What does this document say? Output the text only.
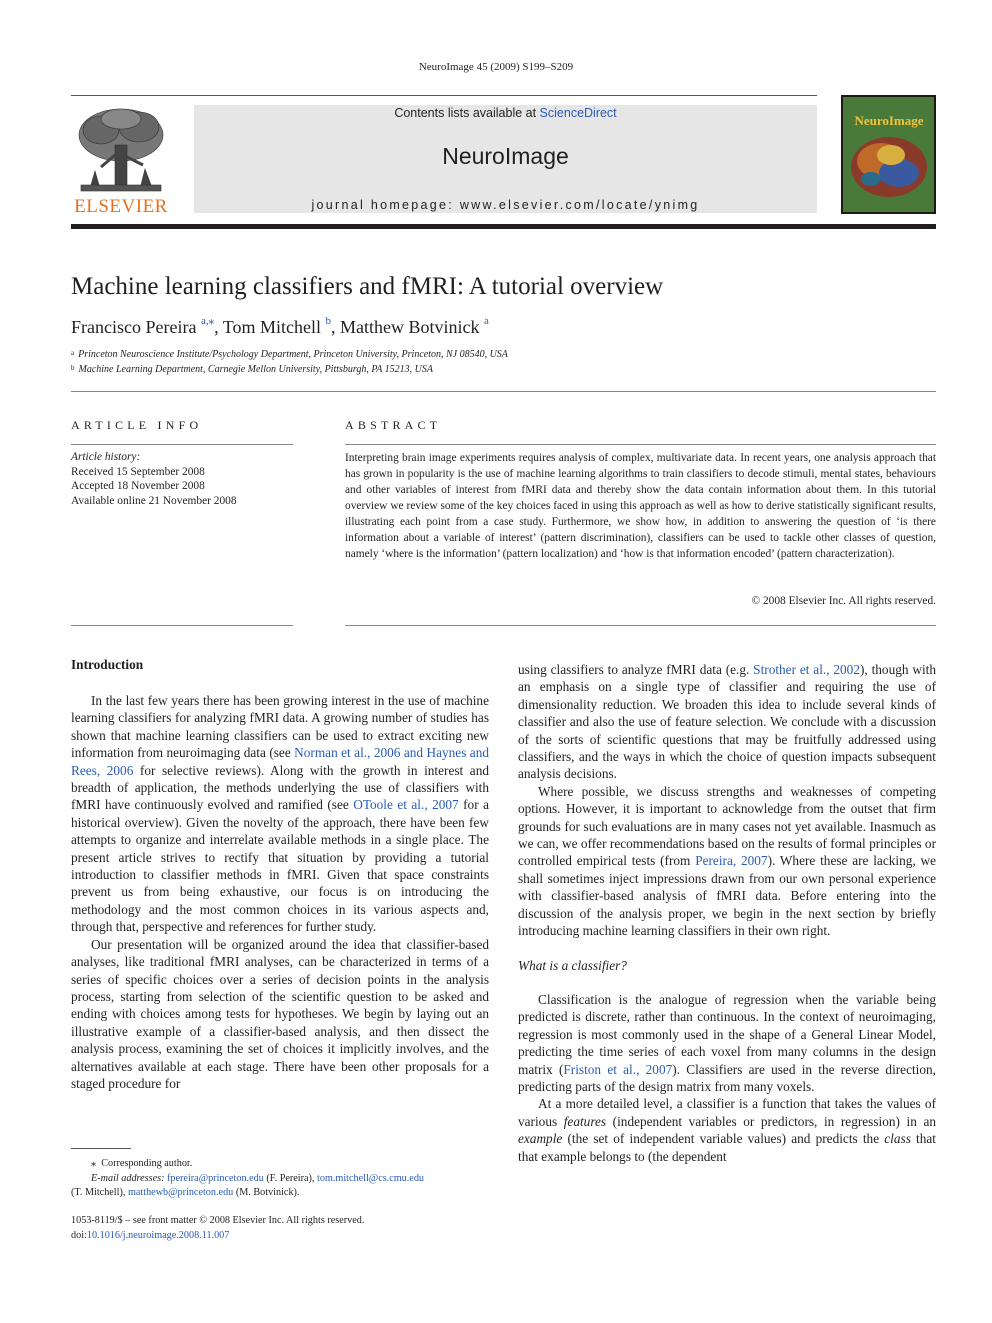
NeuroImage 45 (2009) S199–S209
ELSEVIER
Contents lists available at ScienceDirect
NeuroImage
journal homepage: www.elsevier.com/locate/ynimg
NeuroImage
Machine learning classifiers and fMRI: A tutorial overview
Francisco Pereira $^{a,⁎}$, Tom Mitchell $^b$, Matthew Botvinick $^a$
$^a$ Princeton Neuroscience Institute/Psychology Department, Princeton University, Princeton, NJ 08540, USA
$^b$ Machine Learning Department, Carnegie Mellon University, Pittsburgh, PA 15213, USA
ARTICLE INFO	ABSTRACT
Article history:
Received 15 September 2008
Accepted 18 November 2008
Available online 21 November 2008
Interpreting brain image experiments requires analysis of complex, multivariate data. In recent years, one analysis approach that has grown in popularity is the use of machine learning algorithms to train classifiers to decode stimuli, mental states, behaviours and other variables of interest from fMRI data and thereby show the data contain information about them. In this tutorial overview we review some of the key choices faced in using this approach as well as how to derive statistically significant results, illustrating each point from a case study. Furthermore, we show how, in addition to answering the question of ‘is there information about a variable of interest’ (pattern discrimination), classifiers can be used to tackle other classes of question, namely ‘where is the information’ (pattern localization) and ‘how is that information encoded’ (pattern characterization).
© 2008 Elsevier Inc. All rights reserved.
Introduction

In the last few years there has been growing interest in the use of machine learning classifiers for analyzing fMRI data. A growing number of studies has shown that machine learning classifiers can be used to extract exciting new information from neuroimaging data (see Norman et al., 2006 and Haynes and Rees, 2006 for selective reviews). Along with the growth in interest and breadth of application, the methods underlying the use of classifiers with fMRI have continuously evolved and ramified (see OToole et al., 2007 for a historical overview). Given the novelty of the approach, there have been few attempts to organize and interrelate available methods in a single place. The present article strives to rectify that situation by providing a tutorial introduction to classifier methods in fMRI. Given that space constraints prevent us from being exhaustive, our focus is on introducing the methodology and the most common choices in its various aspects and, through that, perspective and references for further study.

Our presentation will be organized around the idea that classifier-based analyses, like traditional fMRI analyses, can be characterized in terms of a series of specific choices over a series of decision points in the analysis process, starting from selection of the scientific question to be asked and ending with choices among tests for hypotheses. We begin by laying out an illustrative example of a classifier-based analysis, and then dissect the analysis process, examining the set of choices it implicitly involves, and the alternatives available at each stage. There have been other proposals for a staged procedure for

using classifiers to analyze fMRI data (e.g. Strother et al., 2002), though with an emphasis on a single type of classifier and requiring the use of dimensionality reduction. We broaden this idea to include several kinds of classifier and also the use of feature selection. We conclude with a discussion of the sorts of scientific questions that may be fruitfully addressed using classifiers, and the ways in which the choice of question impacts subsequent analysis decisions.

Where possible, we discuss strengths and weaknesses of competing options. However, it is important to acknowledge from the outset that firm grounds for such evaluations are in many cases not yet available. Inasmuch as we can, we offer recommendations based on the results of formal principles or controlled empirical tests (from Pereira, 2007). Where these are lacking, we shall sometimes inject impressions drawn from our own personal experience with classifier-based analysis of fMRI data. Before entering into the discussion of the analysis proper, we begin in the next section by briefly introducing machine learning classifiers in their own right.

What is a classifier?

Classification is the analogue of regression when the variable being predicted is discrete, rather than continuous. In the context of neuroimaging, regression is most commonly used in the shape of a General Linear Model, predicting the time series of each voxel from many columns in the design matrix (Friston et al., 2007). Classifiers are used in the reverse direction, predicting parts of the design matrix from many voxels.

At a more detailed level, a classifier is a function that takes the values of various features (independent variables or predictors, in regression) in an example (the set of independent variable values) and predicts the class that that example belongs to (the dependent

⁎ Corresponding author.
E-mail addresses: fpereira@princeton.edu (F. Pereira), tom.mitchell@cs.cmu.edu
(T. Mitchell), matthewb@princeton.edu (M. Botvinick).
1053-8119/$ – see front matter © 2008 Elsevier Inc. All rights reserved.
doi:10.1016/j.neuroimage.2008.11.007
